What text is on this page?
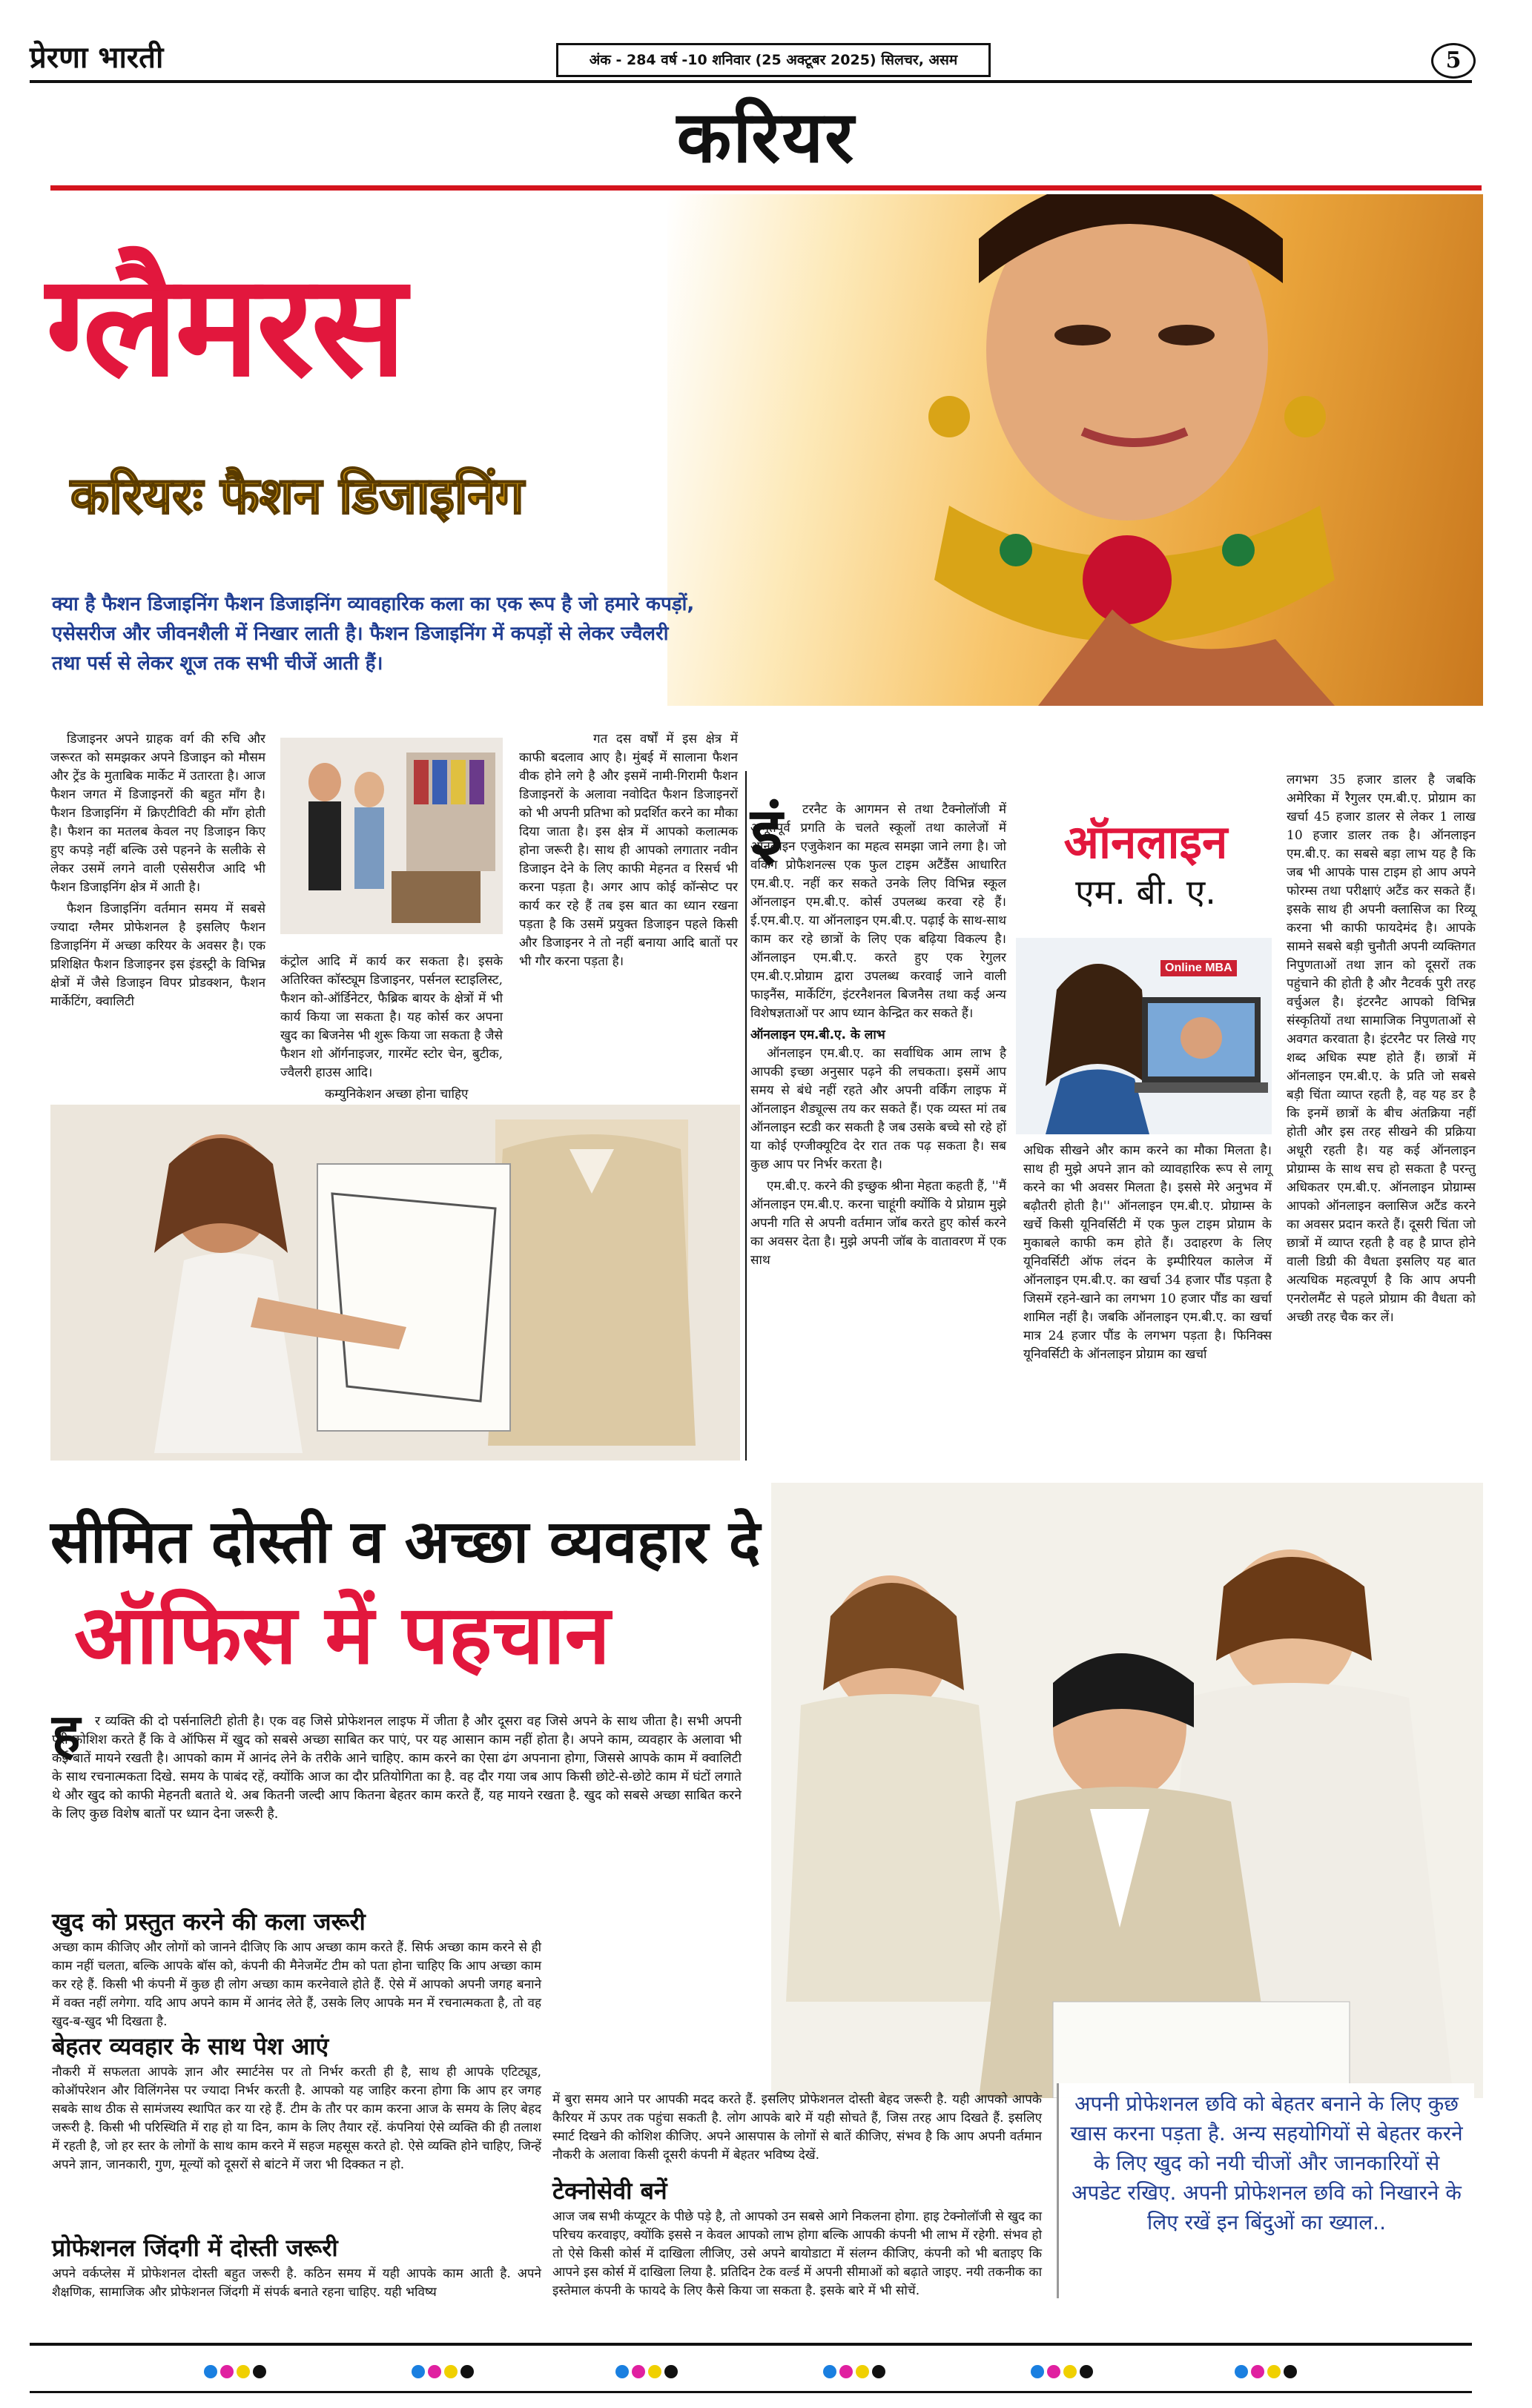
प्रेरणा भारती	अंक - 284 वर्ष -10 शनिवार (25 अक्टूबर 2025) सिलचर, असम	5
करियर
ग्लैमरस
करियरः फैशन डिजाइनिंग
क्या है फैशन डिजाइनिंग फैशन डिजाइनिंग व्यावहारिक कला का एक रूप है जो हमारे कपड़ों, एसेसरीज और जीवनशैली में निखार लाती है। फैशन डिजाइनिंग में कपड़ों से लेकर ज्वैलरी तथा पर्स से लेकर शूज तक सभी चीजें आती हैं।

डिजाइनर अपने ग्राहक वर्ग की रुचि और जरूरत को समझकर अपने डिजाइन को मौसम और ट्रेंड के मुताबिक मार्केट में उतारता है। आज फैशन जगत में डिजाइनरों की बहुत माँग है। फैशन डिजाइनिंग में क्रिएटीविटी की माँग होती है। फैशन का मतलब केवल नए डिजाइन किए हुए कपड़े नहीं बल्कि उसे पहनने के सलीके से लेकर उसमें लगने वाली एसेसरीज आदि भी फैशन डिजाइनिंग क्षेत्र में आती है।

फैशन डिजाइनिंग वर्तमान समय में सबसे ज्यादा ग्लैमर प्रोफेशनल है इसलिए फैशन डिजाइनिंग में अच्छा करियर के अवसर है। एक प्रशिक्षित फैशन डिजाइनर इस इंडस्ट्री के विभिन्न क्षेत्रों में जैसे डिजाइन विपर प्रोडक्शन, फैशन मार्केटिंग, क्वालिटी

कंट्रोल आदि में कार्य कर सकता है। इसके अतिरिक्त कॉस्ट्यूम डिजाइनर, पर्सनल स्टाइलिस्ट, फैशन को-ऑर्डिनेटर, फैब्रिक बायर के क्षेत्रों में भी कार्य किया जा सकता है। यह कोर्स कर अपना खुद का बिजनेस भी शुरू किया जा सकता है जैसे फैशन शो ऑर्गनाइजर, गारमेंट स्टोर चेन, बुटीक, ज्वैलरी हाउस आदि।

कम्युनिकेशन अच्छा होना चाहिए

गत दस वर्षों में इस क्षेत्र में काफी बदलाव आए है। मुंबई में सालाना फैशन वीक होने लगे है और इसमें नामी-गिरामी फैशन डिजाइनरों के अलावा नवोदित फैशन डिजाइनरों को भी अपनी प्रतिभा को प्रदर्शित करने का मौका दिया जाता है। इस क्षेत्र में आपको कलात्मक होना जरूरी है। साथ ही आपको लगातार नवीन डिजाइन देने के लिए काफी मेहनत व रिसर्च भी करना पड़ता है। अगर आप कोई कॉन्सेप्ट पर कार्य कर रहे हैं तब इस बात का ध्यान रखना पड़ता है कि उसमें प्रयुक्त डिजाइन पहले किसी और डिजाइनर ने तो नहीं बनाया आदि बातों पर भी गौर करना पड़ता है।

इं	टरनैट के आगमन से तथा टैक्नोलॉजी में अभूतपूर्व प्रगति के चलते स्कूलों तथा कालेजों में ऑनलाइन एजुकेशन का महत्व समझा जाने लगा है। जो वर्किंग प्रोफैशनल्स एक फुल टाइम अटैंडैंस आधारित एम.बी.ए. नहीं कर सकते उनके लिए विभिन्न स्कूल ऑनलाइन एम.बी.ए. कोर्स उपलब्ध करवा रहे हैं। ई.एम.बी.ए. या ऑनलाइन एम.बी.ए. पढ़ाई के साथ-साथ काम कर रहे छात्रों के लिए एक बढ़िया विकल्प है। ऑनलाइन एम.बी.ए. करते हुए एक रेगुलर एम.बी.ए.प्रोग्राम द्वारा उपलब्ध करवाई जाने वाली फाइनैंस, मार्केटिंग, इंटरनैशनल बिजनैस तथा कई अन्य विशेषज्ञताओं पर आप ध्यान केन्द्रित कर सकते हैं।

ऑनलाइन एम.बी.ए. के लाभ

ऑनलाइन एम.बी.ए. का सर्वाधिक आम लाभ है आपकी इच्छा अनुसार पढ़ने की लचकता। इसमें आप समय से बंधे नहीं रहते और अपनी वर्किंग लाइफ में ऑनलाइन शैड्यूल्स तय कर सकते हैं। एक व्यस्त मां तब ऑनलाइन स्टडी कर सकती है जब उसके बच्चे सो रहे हों या कोई एग्जीक्यूटिव देर रात तक पढ़ सकता है। सब कुछ आप पर निर्भर करता है।

एम.बी.ए. करने की इच्छुक श्रीना मेहता कहती हैं, ''मैं ऑनलाइन एम.बी.ए. करना चाहूंगी क्योंकि ये प्रोग्राम मुझे अपनी गति से अपनी वर्तमान जॉब करते हुए कोर्स करने का अवसर देता है। मुझे अपनी जॉब के वातावरण में एक साथ

ऑनलाइन
एम. बी. ए.
Online MBA

अधिक सीखने और काम करने का मौका मिलता है। साथ ही मुझे अपने ज्ञान को व्यावहारिक रूप से लागू करने का भी अवसर मिलता है। इससे मेरे अनुभव में बढ़ौतरी होती है।'' ऑनलाइन एम.बी.ए. प्रोग्राम्स के खर्चे किसी यूनिवर्सिटी में एक फुल टाइम प्रोग्राम के मुकाबले काफी कम होते हैं। उदाहरण के लिए यूनिवर्सिटी ऑफ लंदन के इम्पीरियल कालेज में ऑनलाइन एम.बी.ए. का खर्चा 34 हजार पौंड पड़ता है जिसमें रहने-खाने का लगभग 10 हजार पौंड का खर्चा शामिल नहीं है। जबकि ऑनलाइन एम.बी.ए. का खर्चा मात्र 24 हजार पौंड के लगभग पड़ता है। फिनिक्स यूनिवर्सिटी के ऑनलाइन प्रोग्राम का खर्चा

लगभग 35 हजार डालर है जबकि अमेरिका में रैगुलर एम.बी.ए. प्रोग्राम का खर्चा 45 हजार डालर से लेकर 1 लाख 10 हजार डालर तक है। ऑनलाइन एम.बी.ए. का सबसे बड़ा लाभ यह है कि जब भी आपके पास टाइम हो आप अपने फोरम्स तथा परीक्षाएं अटैंड कर सकते हैं। इसके साथ ही अपनी क्लासिज का रिव्यू करना भी काफी फायदेमंद है। आपके सामने सबसे बड़ी चुनौती अपनी व्यक्तिगत निपुणताओं तथा ज्ञान को दूसरों तक पहुंचाने की होती है और नैटवर्क पुरी तरह वर्चुअल है। इंटरनैट आपको विभिन्न संस्कृतियों तथा सामाजिक निपुणताओं से अवगत करवाता है। इंटरनैट पर लिखे गए शब्द अधिक स्पष्ट होते हैं। छात्रों में ऑनलाइन एम.बी.ए. के प्रति जो सबसे बड़ी चिंता व्याप्त रहती है, वह यह डर है कि इनमें छात्रों के बीच अंतक्रिया नहीं होती और इस तरह सीखने की प्रक्रिया अधूरी रहती है। यह कई ऑनलाइन प्रोग्राम्स के साथ सच हो सकता है परन्तु अधिकतर एम.बी.ए. ऑनलाइन प्रोग्राम्स आपको ऑनलाइन क्लासिज अटैंड करने का अवसर प्रदान करते हैं। दूसरी चिंता जो छात्रों में व्याप्त रहती है वह है प्राप्त होने वाली डिग्री की वैधता इसलिए यह बात अत्यधिक महत्वपूर्ण है कि आप अपनी एनरोलमैंट से पहले प्रोग्राम की वैधता को अच्छी तरह चैक कर लें।

सीमित दोस्ती व अच्छा व्यवहार दे
ऑफिस में पहचान
ह	र व्यक्ति की दो पर्सनालिटी होती है। एक वह जिसे प्रोफेशनल लाइफ में जीता है और दूसरा वह जिसे अपने के साथ जीता है। सभी अपनी पूरी कोशिश करते हैं कि वे ऑफिस में खुद को सबसे अच्छा साबित कर पाएं, पर यह आसान काम नहीं होता है। अपने काम, व्यवहार के अलावा भी कई बातें मायने रखती है। आपको काम में आनंद लेने के तरीके आने चाहिए. काम करने का ऐसा ढंग अपनाना होगा, जिससे आपके काम में क्वालिटी के साथ रचनात्मकता दिखे. समय के पाबंद रहें, क्योंकि आज का दौर प्रतियोगिता का है. वह दौर गया जब आप किसी छोटे-से-छोटे काम में घंटों लगाते थे और खुद को काफी मेहनती बताते थे. अब कितनी जल्दी आप कितना बेहतर काम करते हैं, यह मायने रखता है. खुद को सबसे अच्छा साबित करने के लिए कुछ विशेष बातों पर ध्यान देना जरूरी है.

खुद को प्रस्तुत करने की कला जरूरी

अच्छा काम कीजिए और लोगों को जानने दीजिए कि आप अच्छा काम करते हैं. सिर्फ अच्छा काम करने से ही काम नहीं चलता, बल्कि आपके बॉस को, कंपनी की मैनेजमेंट टीम को पता होना चाहिए कि आप अच्छा काम कर रहे हैं. किसी भी कंपनी में कुछ ही लोग अच्छा काम करनेवाले होते हैं. ऐसे में आपको अपनी जगह बनाने में वक्त नहीं लगेगा. यदि आप अपने काम में आनंद लेते हैं, उसके लिए आपके मन में रचनात्मकता है, तो वह खुद-ब-खुद भी दिखता है.

बेहतर व्यवहार के साथ पेश आएं

नौकरी में सफलता आपके ज्ञान और स्मार्टनेस पर तो निर्भर करती ही है, साथ ही आपके एटिट्यूड, कोऑपरेशन और विलिंगनेस पर ज्यादा निर्भर करती है. आपको यह जाहिर करना होगा कि आप हर जगह सबके साथ ठीक से सामंजस्य स्थापित कर या रहे हैं. टीम के तौर पर काम करना आज के समय के लिए बेहद जरूरी है. किसी भी परिस्थिति में राह हो या दिन, काम के लिए तैयार रहें. कंपनियां ऐसे व्यक्ति की ही तलाश में रहती है, जो हर स्तर के लोगों के साथ काम करने में सहज महसूस करते हो. ऐसे व्यक्ति होने चाहिए, जिन्हें अपने ज्ञान, जानकारी, गुण, मूल्यों को दूसरों से बांटने में जरा भी दिक्कत न हो.

प्रोफेशनल जिंदगी में दोस्ती जरूरी

अपने वर्कप्लेस में प्रोफेशनल दोस्ती बहुत जरूरी है. कठिन समय में यही आपके काम आती है. अपने शैक्षणिक, सामाजिक और प्रोफेशनल जिंदगी में संपर्क बनाते रहना चाहिए. यही भविष्य

में बुरा समय आने पर आपकी मदद करते हैं. इसलिए प्रोफेशनल दोस्ती बेहद जरूरी है. यही आपको आपके कैरियर में ऊपर तक पहुंचा सकती है. लोग आपके बारे में यही सोचते हैं, जिस तरह आप दिखते हैं. इसलिए स्मार्ट दिखने की कोशिश कीजिए. अपने आसपास के लोगों से बातें कीजिए, संभव है कि आप अपनी वर्तमान नौकरी के अलावा किसी दूसरी कंपनी में बेहतर भविष्य देखें.

टेक्नोसेवी बनें

आज जब सभी कंप्यूटर के पीछे पड़े है, तो आपको उन सबसे आगे निकलना होगा. हाइ टेक्नोलॉजी से खुद का परिचय करवाइए, क्योंकि इससे न केवल आपको लाभ होगा बल्कि आपकी कंपनी भी लाभ में रहेगी. संभव हो तो ऐसे किसी कोर्स में दाखिला लीजिए, उसे अपने बायोडाटा में संलग्न कीजिए, कंपनी को भी बताइए कि आपने इस कोर्स में दाखिला लिया है. प्रतिदिन टेक वर्ल्ड में अपनी सीमाओं को बढ़ाते जाइए. नयी तकनीक का इस्तेमाल कंपनी के फायदे के लिए कैसे किया जा सकता है. इसके बारे में भी सोचें.

अपनी प्रोफेशनल छवि को बेहतर बनाने के लिए कुछ खास करना पड़ता है. अन्य सहयोगियों से बेहतर करने के लिए खुद को नयी चीजों और जानकारियों से अपडेट रखिए. अपनी प्रोफेशनल छवि को निखारने के लिए रखें इन बिंदुओं का ख्याल..
